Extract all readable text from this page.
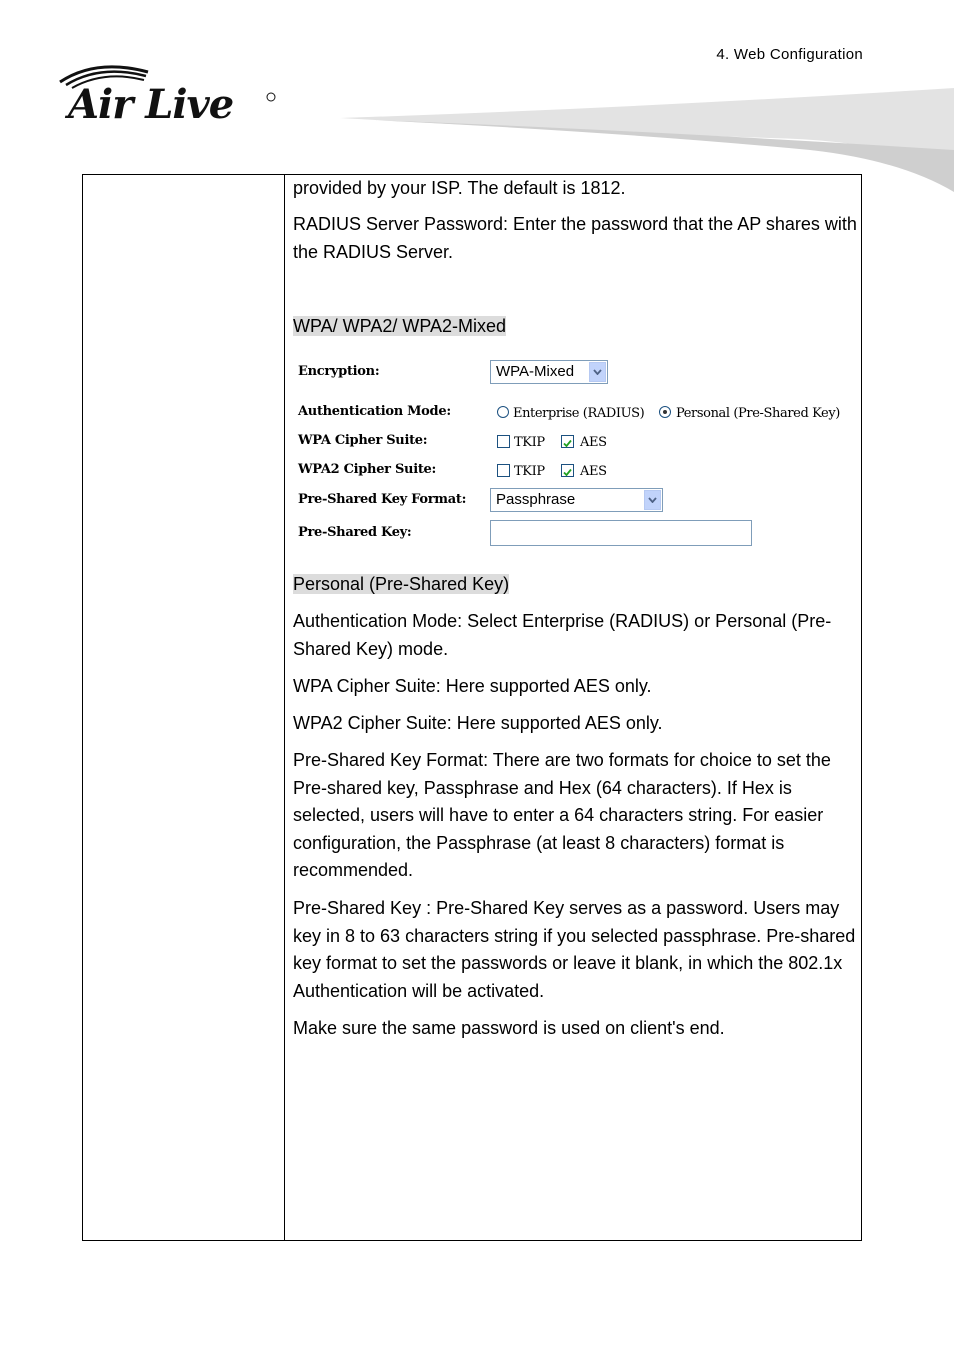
4. Web Configuration
Air Live

provided by your ISP. The default is 1812.

RADIUS Server Password: Enter the password that the AP shares with the RADIUS Server.

WPA/ WPA2/ WPA2-Mixed

Personal (Pre-Shared Key)

Authentication Mode: Select Enterprise (RADIUS) or Personal (Pre-Shared Key) mode.

WPA Cipher Suite: Here supported AES only.

WPA2 Cipher Suite: Here supported AES only.

Pre-Shared Key Format: There are two formats for choice to set the Pre-shared key, Passphrase and Hex (64 characters). If Hex is selected, users will have to enter a 64 characters string. For easier configuration, the Passphrase (at least 8 characters) format is recommended.

Pre-Shared Key : Pre-Shared Key serves as a password. Users may key in 8 to 63 characters string if you selected passphrase. Pre-shared key format to set the passwords or leave it blank, in which the 802.1x Authentication will be activated.

Make sure the same password is used on client's end.

Encryption:	WPA-Mixed
Authentication Mode:	Enterprise (RADIUS) Personal (Pre-Shared Key)
WPA Cipher Suite:	TKIP	AES
WPA2 Cipher Suite:	TKIP	AES
Pre-Shared Key Format:	Passphrase
Pre-Shared Key:
